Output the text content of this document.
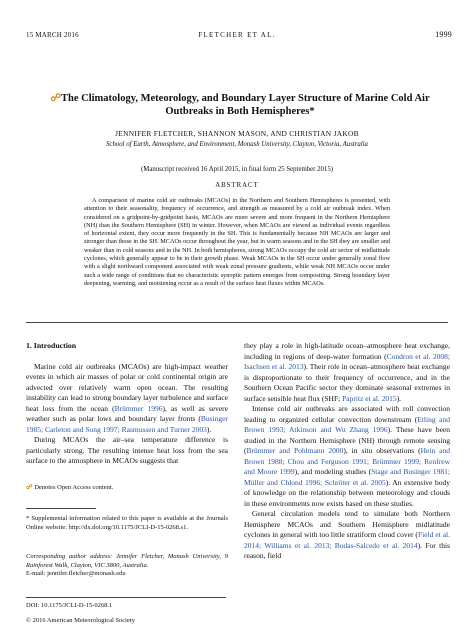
15 MARCH 2016	FLETCHER ET AL.	1999

☍The Climatology, Meteorology, and Boundary Layer Structure of Marine Cold Air Outbreaks in Both Hemispheres*

JENNIFER FLETCHER, SHANNON MASON, AND CHRISTIAN JAKOB
School of Earth, Atmosphere, and Environment, Monash University, Clayton, Victoria, Australia
(Manuscript received 16 April 2015, in final form 25 September 2015)
ABSTRACT

A comparison of marine cold air outbreaks (MCAOs) in the Northern and Southern Hemispheres is presented, with attention to their seasonality, frequency of occurrence, and strength as measured by a cold air outbreak index. When considered on a gridpoint-by-gridpoint basis, MCAOs are more severe and more frequent in the Northern Hemisphere (NH) than the Southern Hemisphere (SH) in winter. However, when MCAOs are viewed as individual events regardless of horizontal extent, they occur more frequently in the SH. This is fundamentally because NH MCAOs are larger and stronger than those in the SH. MCAOs occur throughout the year, but in warm seasons and in the SH they are smaller and weaker than in cold seasons and in the NH. In both hemispheres, strong MCAOs occupy the cold air sector of midlatitude cyclones, which generally appear to be in their growth phase. Weak MCAOs in the SH occur under generally zonal flow with a slight northward component associated with weak zonal pressure gradients, while weak NH MCAOs occur under such a wide range of conditions that no characteristic synoptic pattern emerges from compositing. Strong boundary layer deepening, warming, and moistening occur as a result of the surface heat fluxes within MCAOs.

1. Introduction

Marine cold air outbreaks (MCAOs) are high-impact weather events in which air masses of polar or cold continental origin are advected over relatively warm open ocean. The resulting instability can lead to strong boundary layer turbulence and surface heat loss from the ocean (Brümmer 1996), as well as severe weather such as polar lows and boundary layer fronts (Businger 1985; Carleton and Song 1997; Rasmussen and Turner 2003).

During MCAOs the air–sea temperature difference is particularly strong. The resulting intense heat loss from the sea surface to the atmosphere in MCAOs suggests that

they play a role in high-latitude ocean–atmosphere heat exchange, including in regions of deep-water formation (Condron et al. 2008; Isachsen et al. 2013). Their role in ocean–atmosphere heat exchange is disproportionate to their frequency of occurrence, and in the Southern Ocean Pacific sector they dominate seasonal extremes in surface sensible heat flux (SHF; Papritz et al. 2015).

Intense cold air outbreaks are associated with roll convection leading to organized cellular convection downstream (Etling and Brown 1993; Atkinson and Wu Zhang 1996). These have been studied in the Northern Hemisphere (NH) through remote sensing (Brümmer and Pohlmann 2000), in situ observations (Hein and Brown 1988; Chou and Ferguson 1991; Brümmer 1999; Renfrew and Moore 1999), and modeling studies (Stage and Businger 1981; Müller and Chlond 1996; Schröter et al. 2005). An extensive body of knowledge on the relationship between meteorology and clouds in these environments now exists based on these studies.

General circulation models tend to simulate both Northern Hemisphere MCAOs and Southern Hemisphere midlatitude cyclones in general with too little stratiform cloud cover (Field et al. 2014; Williams et al. 2013; Bodas-Salcedo et al. 2014). For this reason, field

☍ Denotes Open Access content.

* Supplemental information related to this paper is available at the Journals Online website: http://dx.doi.org/10.1175/JCLI-D-15-0268.s1.

Corresponding author address: Jennifer Fletcher, Monash University, 9 Rainforest Walk, Clayton, VIC 3800, Australia.

E-mail: jennifer.fletcher@monash.edu

DOI: 10.1175/JCLI-D-15-0268.1

© 2016 American Meteorological Society
